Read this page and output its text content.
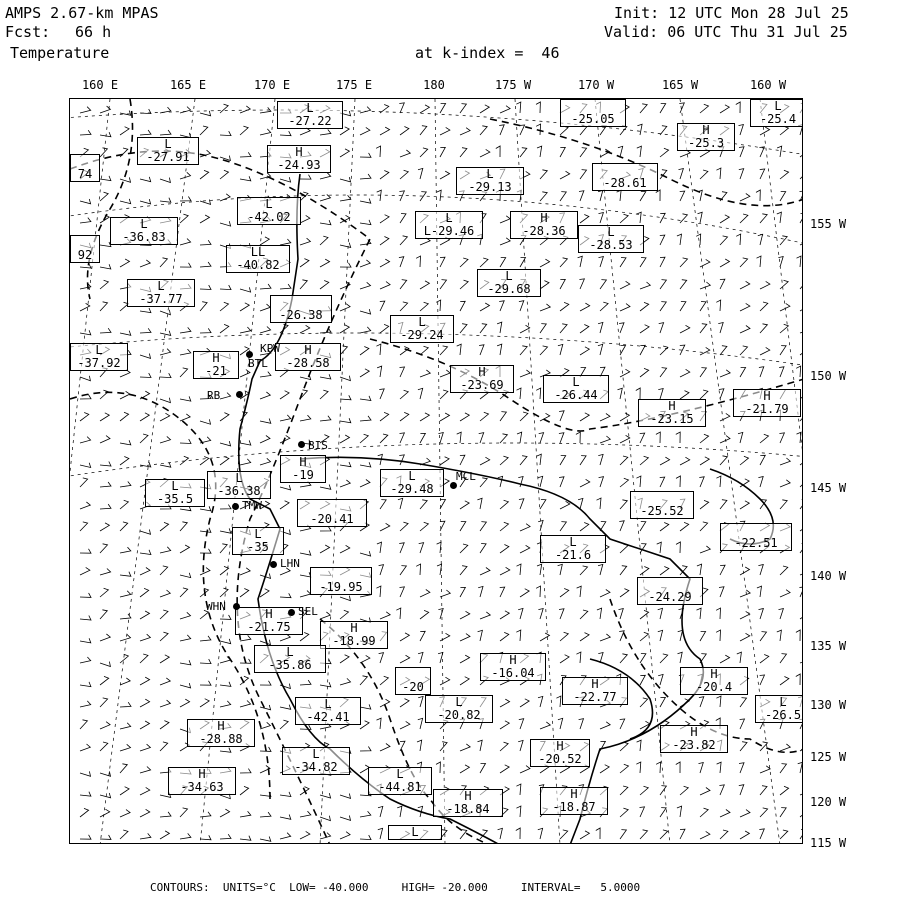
AMPS 2.67-km MPAS
Fcst: 66 h
Temperature
Init: 12 UTC Mon 28 Jul 25
Valid: 06 UTC Thu 31 Jul 25
at k-index =  46
160 E	165 E	170 E	175 E	180	175 W	170 W	165 W	160 W
155 W
150 W
145 W
140 W
135 W
130 W
125 W
120 W
115 W
L
-27.22	
-25.05
L
-25.4
H
-25.3
L
-27.91

74
H
-24.93
L
-29.13	
-28.61
L
-42.02
L
-36.83
L
L-29.46
H
-28.36	L
-28.53

92	LL
-40.82
L
-37.77
L
-29.68

-26.38	L
-29.24
L
-37.92	H
-21
H
-28.58
H
-23.69	L
-26.44
H
-23.15
H
-21.79
L
-35.5
L
-36.38
L
-29.48
H
-19

-20.41

-25.52
L
-35	L
-21.6

-22.51

-19.95

-24.29
H
-21.75	H
-18.99
L
-35.86

-20
H
-16.04
H
-22.77
H
-20.4
L
-26.5
L
-42.41
L
-20.82
H
-28.88	H
-23.82
H
-20.52
L
-34.82
H
-34.63
L
-44.81
H
-18.84
H
-18.87
L

KPW
BTL
RB
BIS
TMW
MCL
LHN
WHN	SEL
CONTOURS:  UNITS=°C  LOW= -40.000     HIGH= -20.000     INTERVAL=   5.0000
